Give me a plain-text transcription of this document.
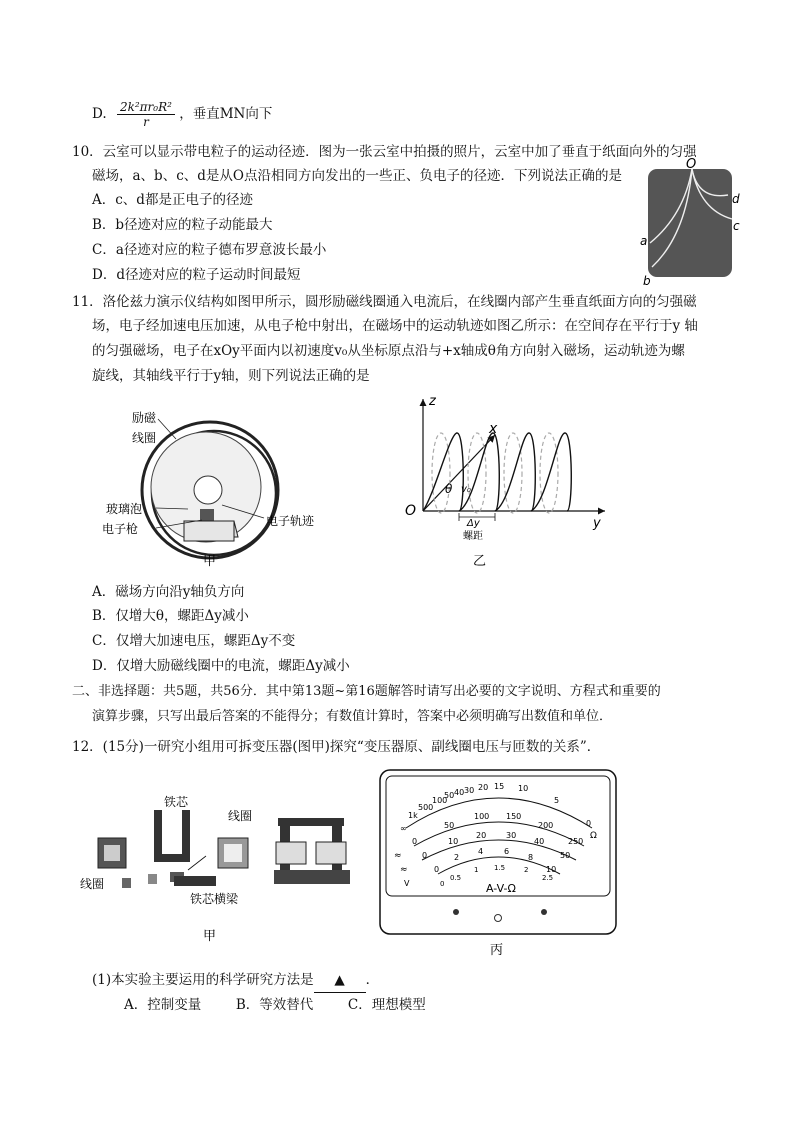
D. $\frac{\text{2k²πr₀R²}}{r}$ ，垂直MN向下
10．云室可以显示带电粒子的运动径迹．图为一张云室中拍摄的照片，云室中加了垂直于纸面向外的匀强
磁场，a、b、c、d是从O点沿相同方向发出的一些正、负电子的径迹．下列说法正确的是
A．c、d都是正电子的径迹
B．b径迹对应的粒子动能最大
C．a径迹对应的粒子德布罗意波长最小
D．d径迹对应的粒子运动时间最短
O
d
c
a
b
11．洛伦兹力演示仪结构如图甲所示，圆形励磁线圈通入电流后，在线圈内部产生垂直纸面方向的匀强磁
场，电子经加速电压加速，从电子枪中射出，在磁场中的运动轨迹如图乙所示：在空间存在平行于y 轴
的匀强磁场，电子在xOy平面内以初速度v₀从坐标原点沿与+x轴成θ角方向射入磁场，运动轨迹为螺
旋线，其轴线平行于y轴，则下列说法正确的是
励磁
线圈
玻璃泡
电子枪
电子轨迹
甲
z
x
y
O
θ v₀
Δy
螺距
乙
A．磁场方向沿y轴负方向
B．仅增大θ，螺距Δy减小
C．仅增大加速电压，螺距Δy不变
D．仅增大励磁线圈中的电流，螺距Δy减小
二、非选择题：共5题，共56分．其中第13题~第16题解答时请写出必要的文字说明、方程式和重要的
演算步骤，只写出最后答案的不能得分；有数值计算时，答案中必须明确写出数值和单位．
12．(15分)一研究小组用可拆变压器(图甲)探究“变压器原、副线圈电压与匝数的关系”．
铁芯
线圈
线圈
铁芯横梁
甲
∞
1k
500
100
50 40 30 20 15 10
5
0
Ω
0
50
100 150
200
250
0
10
20 30
40
50
0
2
4	6
8
10
0
0.5
1 1.5	2
2.5
≈
≈
V	A-V-Ω
丙
(1)本实验主要运用的科学研究方法是 ▲ ．
A．控制变量	B．等效替代	C．理想模型
